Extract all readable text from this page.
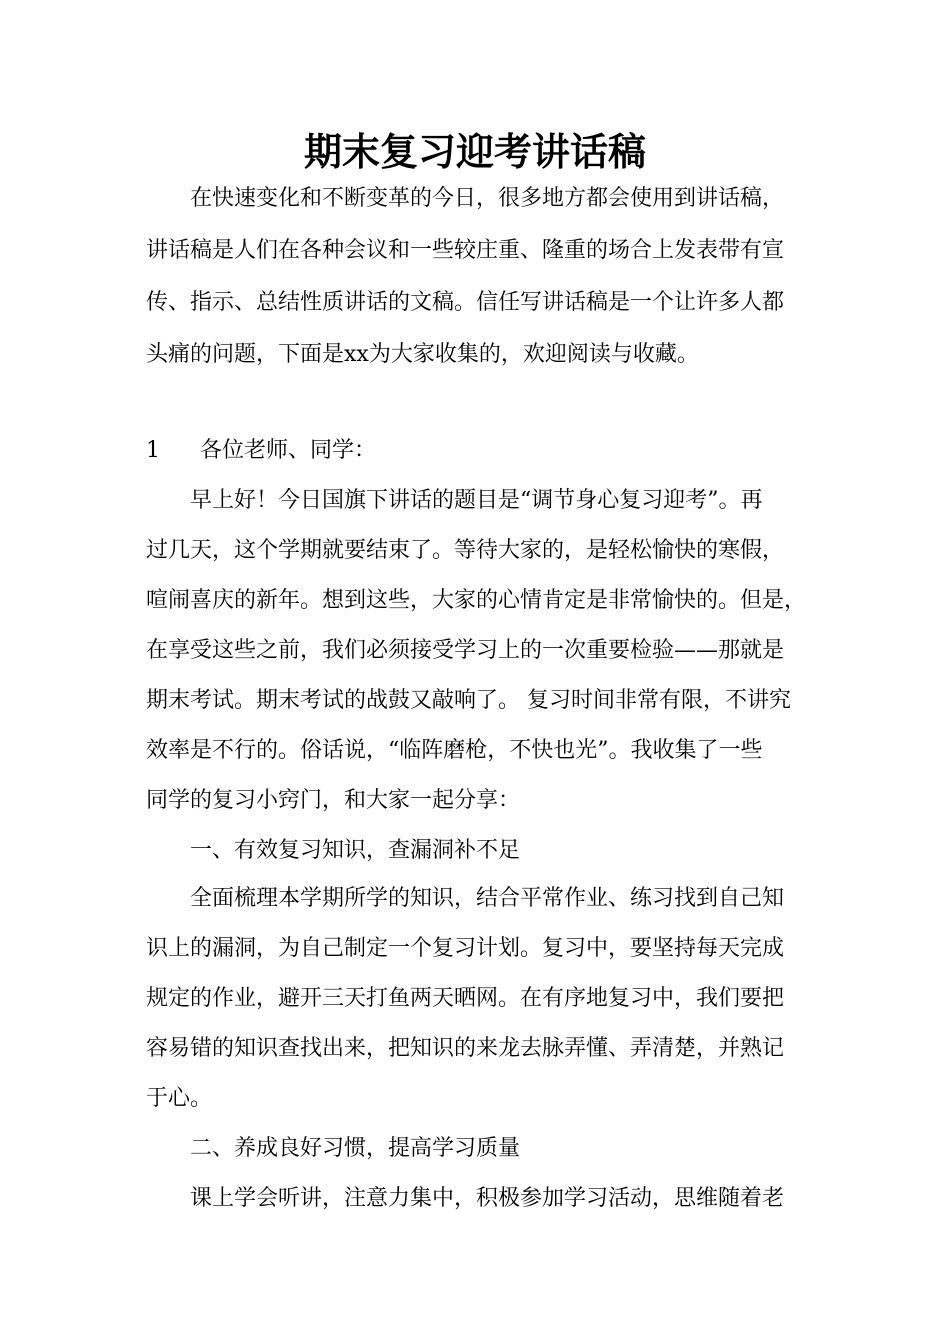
期末复习迎考讲话稿

在快速变化和不断变革的今日，很多地方都会使用到讲话稿，

讲话稿是人们在各种会议和一些较庄重、隆重的场合上发表带有宣

传、指示、总结性质讲话的文稿。信任写讲话稿是一个让许多人都

头痛的问题，下面是xx为大家收集的，欢迎阅读与收藏。

1 各位老师、同学：

早上好！今日国旗下讲话的题目是“调节身心复习迎考”。再

过几天，这个学期就要结束了。等待大家的，是轻松愉快的寒假，

喧闹喜庆的新年。想到这些，大家的心情肯定是非常愉快的。但是，

在享受这些之前，我们必须接受学习上的一次重要检验——那就是

期末考试。期末考试的战鼓又敲响了。 复习时间非常有限，不讲究

效率是不行的。俗话说，“临阵磨枪，不快也光”。我收集了一些

同学的复习小窍门，和大家一起分享：

一、有效复习知识，查漏洞补不足

全面梳理本学期所学的知识，结合平常作业、练习找到自己知

识上的漏洞，为自己制定一个复习计划。复习中，要坚持每天完成

规定的作业，避开三天打鱼两天晒网。在有序地复习中，我们要把

容易错的知识查找出来，把知识的来龙去脉弄懂、弄清楚，并熟记

于心。

二、养成良好习惯，提高学习质量

课上学会听讲，注意力集中，积极参加学习活动，思维随着老
